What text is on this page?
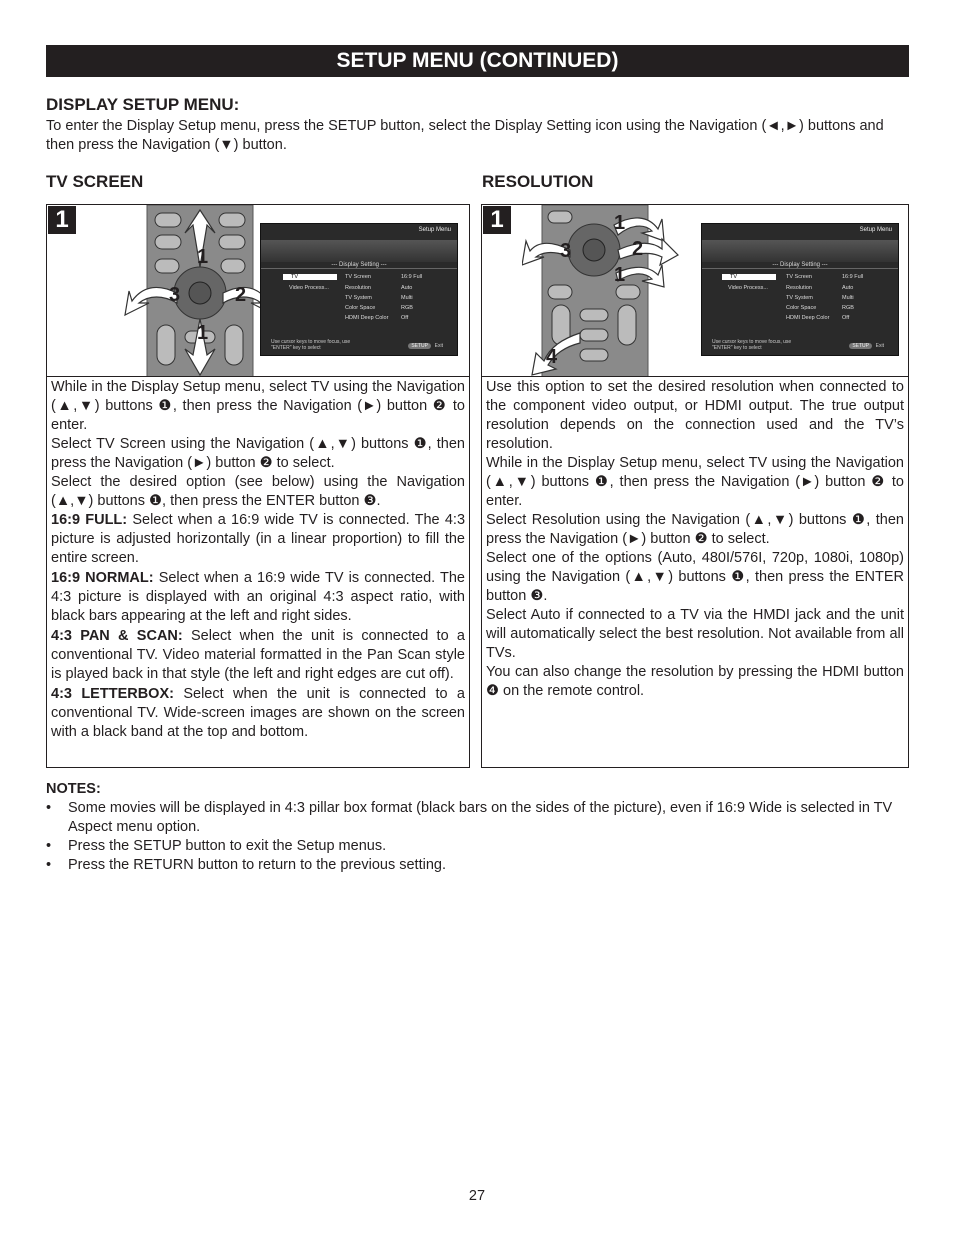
SETUP MENU (CONTINUED)
DISPLAY SETUP MENU:
To enter the Display Setup menu, press the SETUP button, select the Display Setting icon using the Navigation (◄,►) buttons and then press the Navigation (▼) button.
TV SCREEN	RESOLUTION
1
1
3	2
1
Setup Menu
--- Display Setting ---
TV
Video Process...
TV Screen	16:9 Full
Resolution	Auto
TV System	Multi
Color Space	RGB
HDMI Deep Color Off
Use cursor keys to move focus, use
"ENTER" key to select	SETUP	Exit

While in the Display Setup menu, select TV using the Navigation (▲,▼) buttons ❶, then press the Navigation (►) button ❷ to enter.

Select TV Screen using the Navigation (▲,▼) buttons ❶, then press the Navigation (►) button ❷ to select.

Select the desired option (see below) using the Navigation (▲,▼) buttons ❶, then press the ENTER button ❸.

16:9 FULL: Select when a 16:9 wide TV is connected. The 4:3 picture is adjusted horizontally (in a linear proportion) to fill the entire screen.

16:9 NORMAL: Select when a 16:9 wide TV is connected. The 4:3 picture is displayed with an original 4:3 aspect ratio, with black bars appearing at the left and right sides.

4:3 PAN & SCAN: Select when the unit is connected to a conventional TV. Video material formatted in the Pan Scan style is played back in that style (the left and right edges are cut off).

4:3 LETTERBOX: Select when the unit is connected to a conventional TV. Wide-screen images are shown on the screen with a black band at the top and bottom.

1	1
3	2
1
4
Setup Menu
--- Display Setting ---
TV
Video Process...
TV Screen	16:9 Full
Resolution	Auto
TV System	Multi
Color Space	RGB
HDMI Deep Color Off
Use cursor keys to move focus, use
"ENTER" key to select	SETUP	Exit

Use this option to set the desired resolution when connected to the component video output, or HDMI output. The true output resolution depends on the connection used and the TV’s resolution.

While in the Display Setup menu, select TV using the Navigation (▲,▼) buttons ❶, then press the Navigation (►) button ❷ to enter.

Select Resolution using the Navigation (▲,▼) buttons ❶, then press the Navigation (►) button ❷ to select.

Select one of the options (Auto, 480I/576I, 720p, 1080i, 1080p) using the Navigation (▲,▼) buttons ❶, then press the ENTER button ❸.

Select Auto if connected to a TV via the HMDI jack and the unit will automatically select the best resolution. Not available from all TVs.

You can also change the resolution by pressing the HDMI button ❹ on the remote control.

NOTES:
• Some movies will be displayed in 4:3 pillar box format (black bars on the sides of the picture), even if 16:9 Wide is selected in TV Aspect menu option.
• Press the SETUP button to exit the Setup menus.
• Press the RETURN button to return to the previous setting.
27
